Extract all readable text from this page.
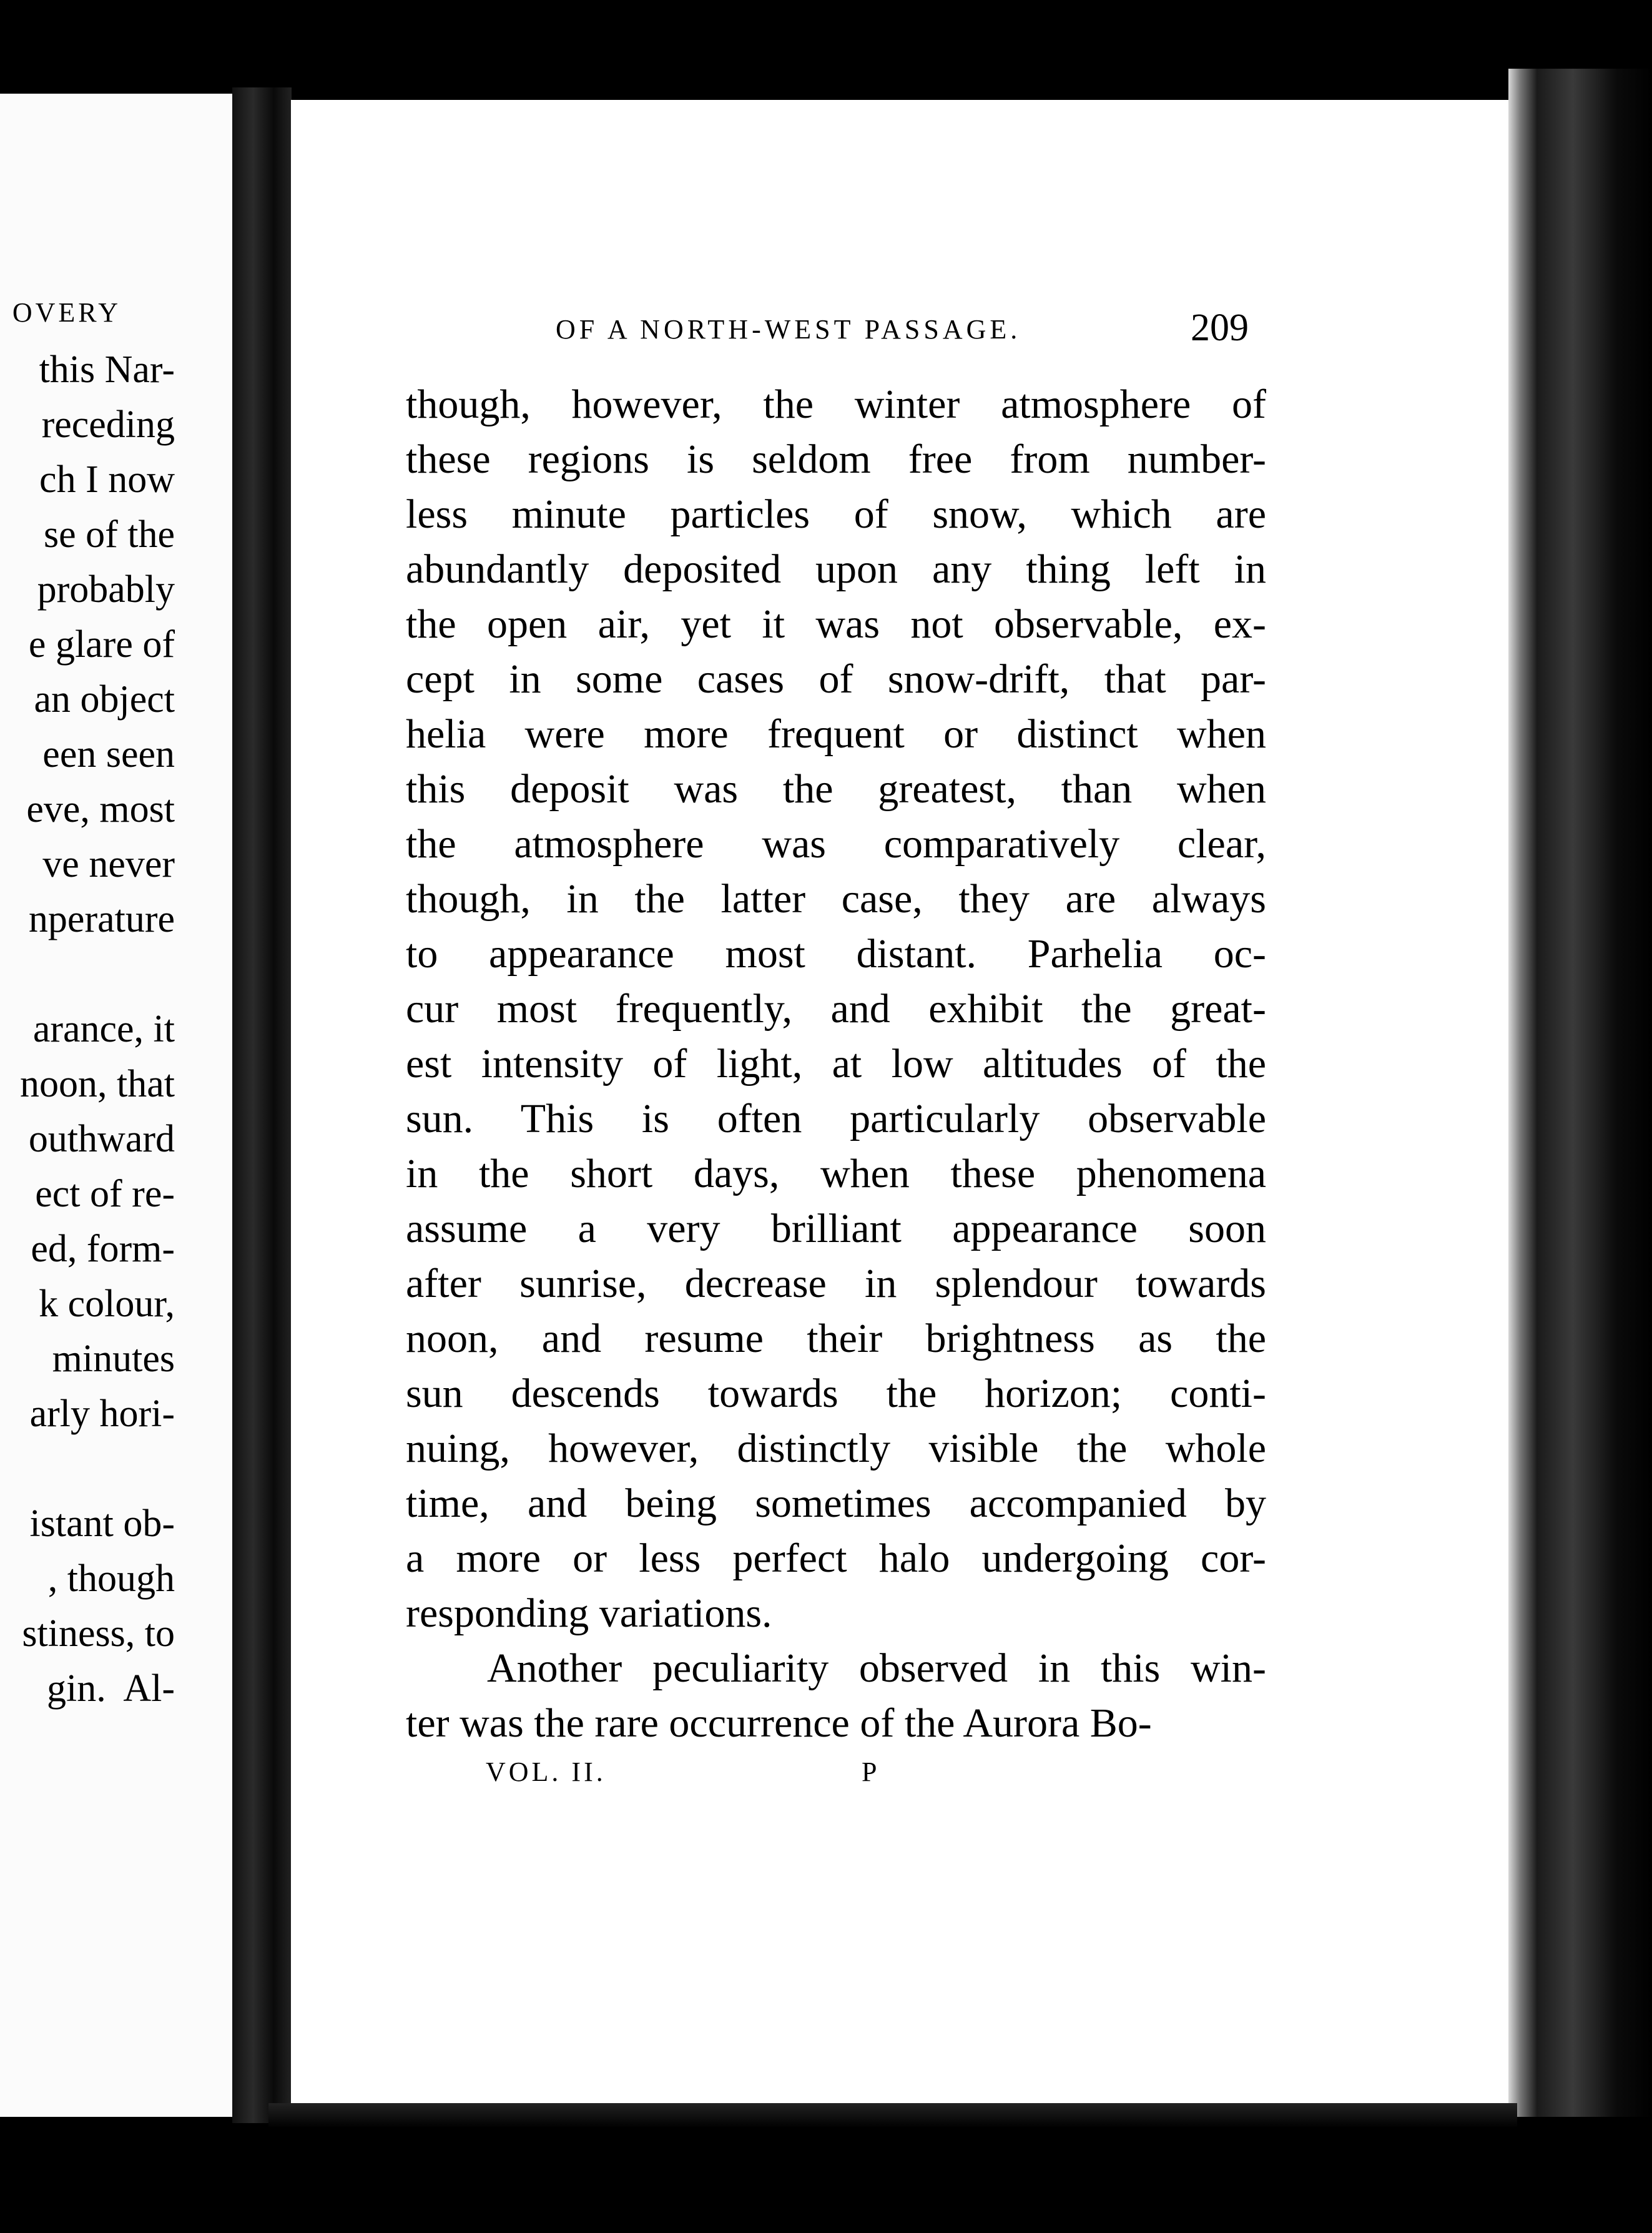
OVERY
this Nar-
receding
ch I now
se of the
probably
e glare of
an object
een seen
eve, most
ve never
nperature
arance, it
noon, that
outhward
ect of re-
ed, form-
k colour,
minutes
arly hori-
istant ob-
, though
stiness, to
gin.  Al-
OF A NORTH-WEST PASSAGE.	209
though, however, the winter atmosphere of
these regions is seldom free from number-
less minute particles of snow, which are
abundantly deposited upon any thing left in
the open air, yet it was not observable, ex-
cept in some cases of snow-drift, that par-
helia were more frequent or distinct when
this deposit was the greatest, than when
the atmosphere was comparatively clear,
though, in the latter case, they are always
to appearance most distant. Parhelia oc-
cur most frequently, and exhibit the great-
est intensity of light, at low altitudes of the
sun. This is often particularly observable
in the short days, when these phenomena
assume a very brilliant appearance soon
after sunrise, decrease in splendour towards
noon, and resume their brightness as the
sun descends towards the horizon; conti-
nuing, however, distinctly visible the whole
time, and being sometimes accompanied by
a more or less perfect halo undergoing cor-
responding variations.
Another peculiarity observed in this win-
ter was the rare occurrence of the Aurora Bo-
VOL. II.	P
